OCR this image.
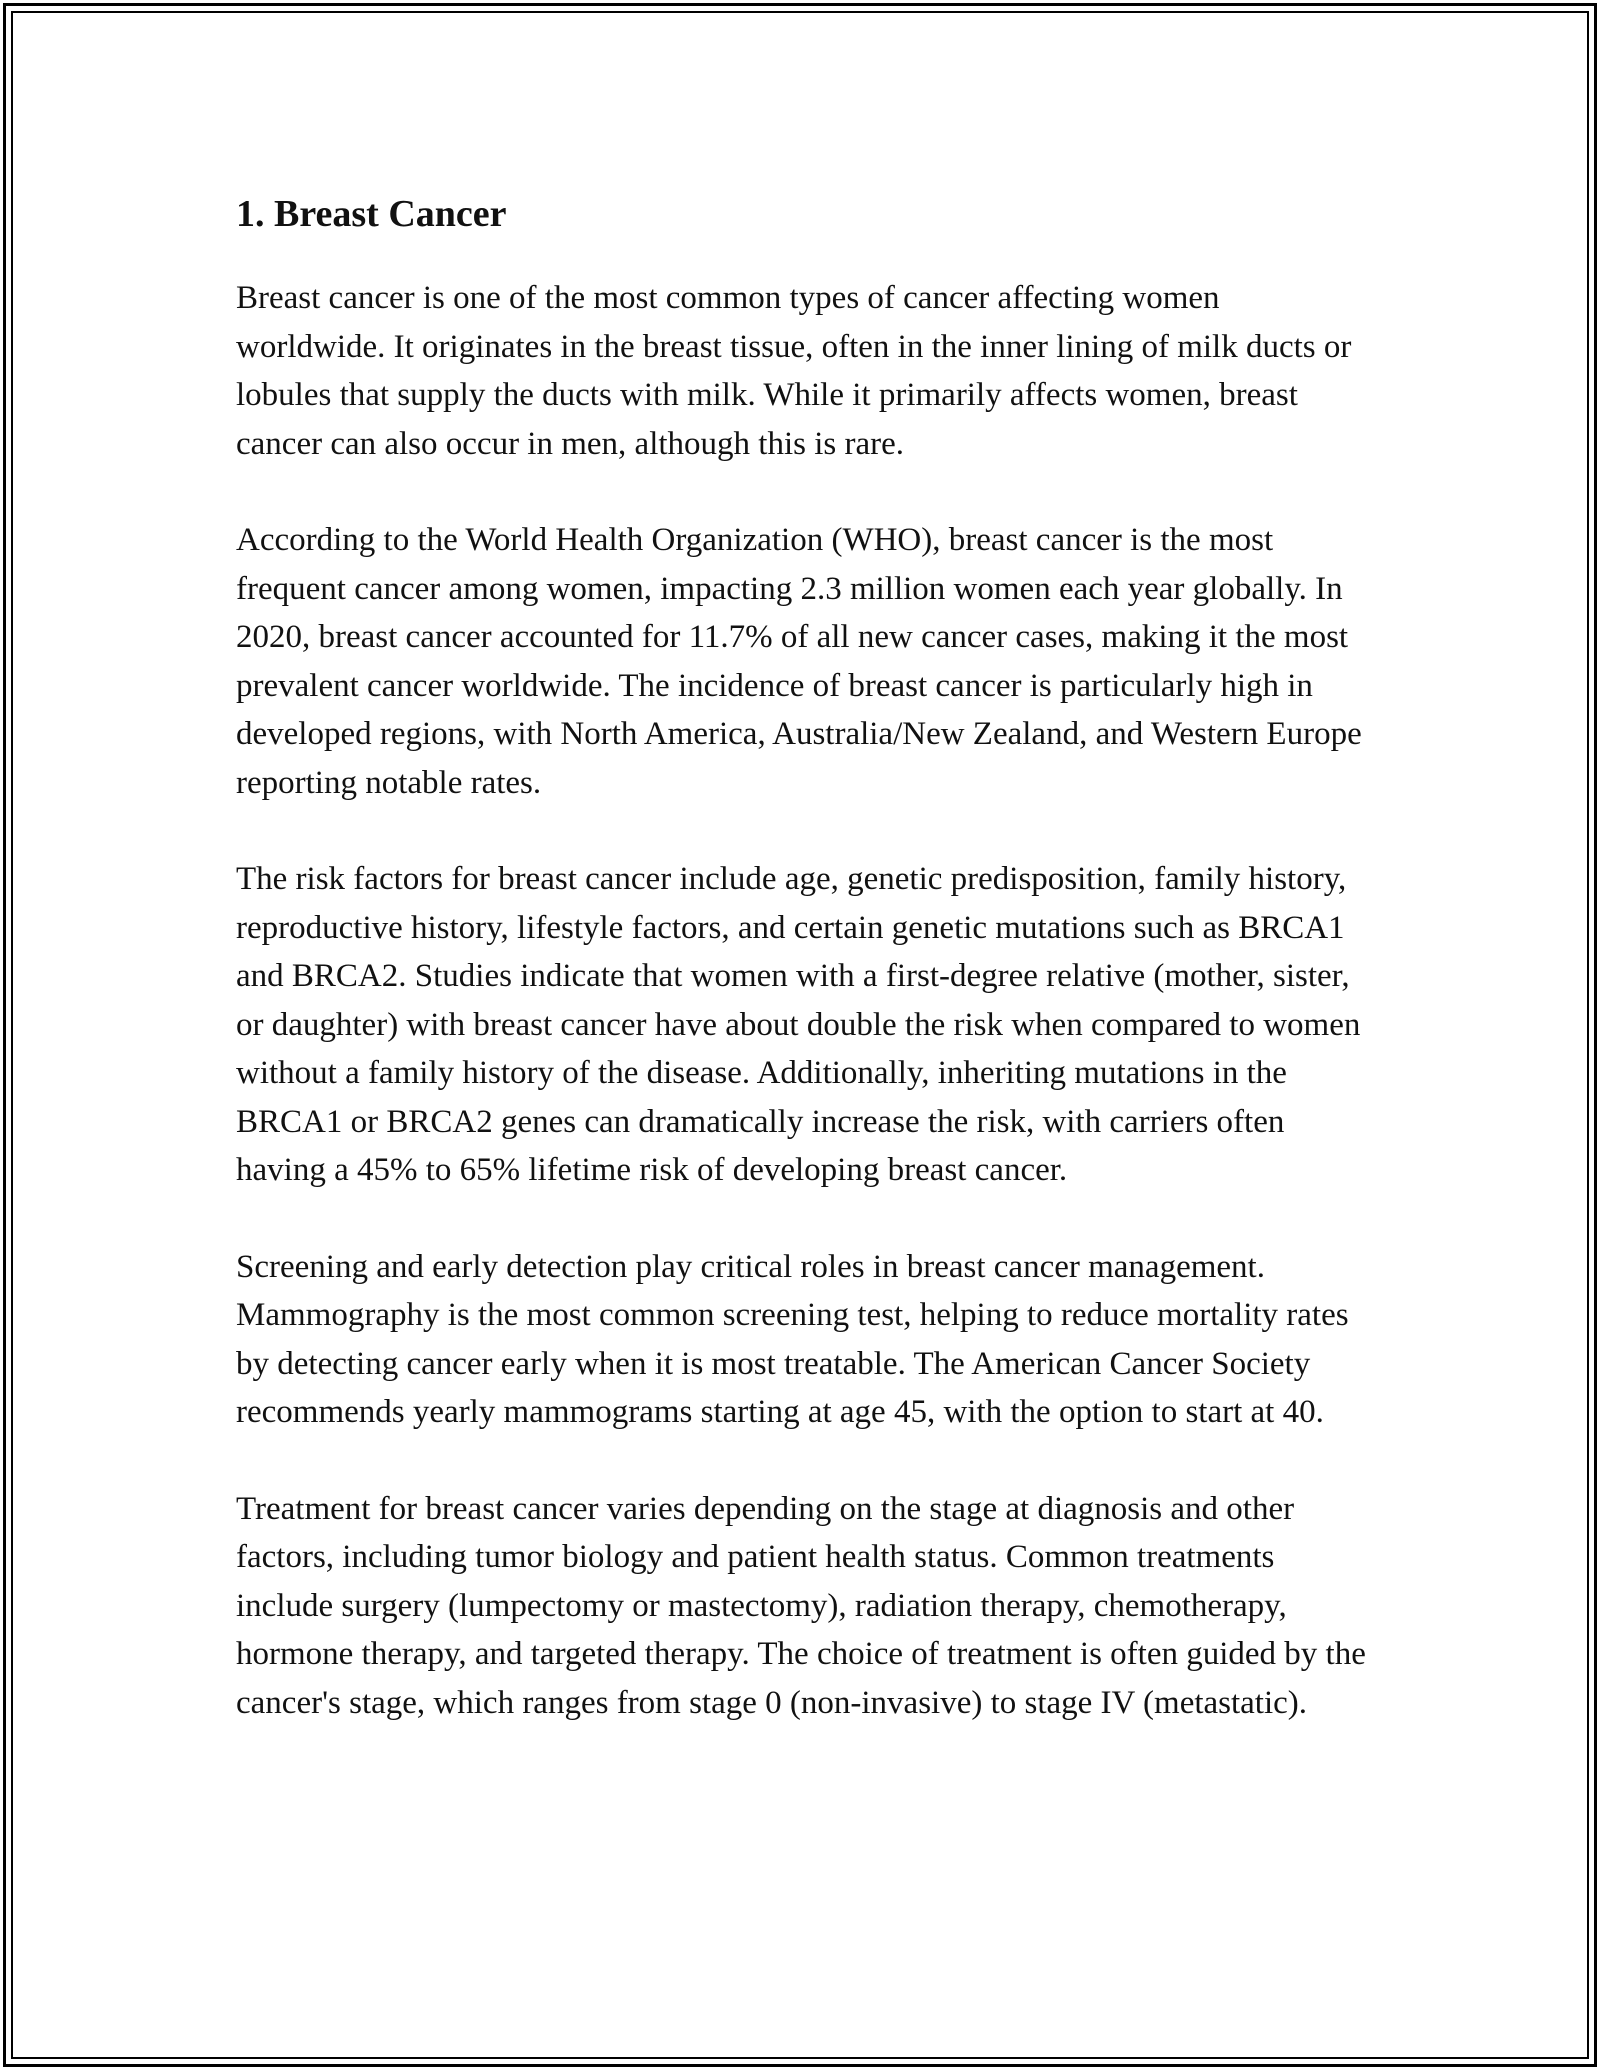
1. Breast Cancer

Breast cancer is one of the most common types of cancer affecting women worldwide. It originates in the breast tissue, often in the inner lining of milk ducts or lobules that supply the ducts with milk. While it primarily affects women, breast cancer can also occur in men, although this is rare.

According to the World Health Organization (WHO), breast cancer is the most frequent cancer among women, impacting 2.3 million women each year globally. In 2020, breast cancer accounted for 11.7% of all new cancer cases, making it the most prevalent cancer worldwide. The incidence of breast cancer is particularly high in developed regions, with North America, Australia/New Zealand, and Western Europe reporting notable rates.

The risk factors for breast cancer include age, genetic predisposition, family history, reproductive history, lifestyle factors, and certain genetic mutations such as BRCA1 and BRCA2. Studies indicate that women with a first-degree relative (mother, sister, or daughter) with breast cancer have about double the risk when compared to women without a family history of the disease. Additionally, inheriting mutations in the BRCA1 or BRCA2 genes can dramatically increase the risk, with carriers often having a 45% to 65% lifetime risk of developing breast cancer.

Screening and early detection play critical roles in breast cancer management. Mammography is the most common screening test, helping to reduce mortality rates by detecting cancer early when it is most treatable. The American Cancer Society recommends yearly mammograms starting at age 45, with the option to start at 40.

Treatment for breast cancer varies depending on the stage at diagnosis and other factors, including tumor biology and patient health status. Common treatments include surgery (lumpectomy or mastectomy), radiation therapy, chemotherapy, hormone therapy, and targeted therapy. The choice of treatment is often guided by the cancer's stage, which ranges from stage 0 (non-invasive) to stage IV (metastatic).
